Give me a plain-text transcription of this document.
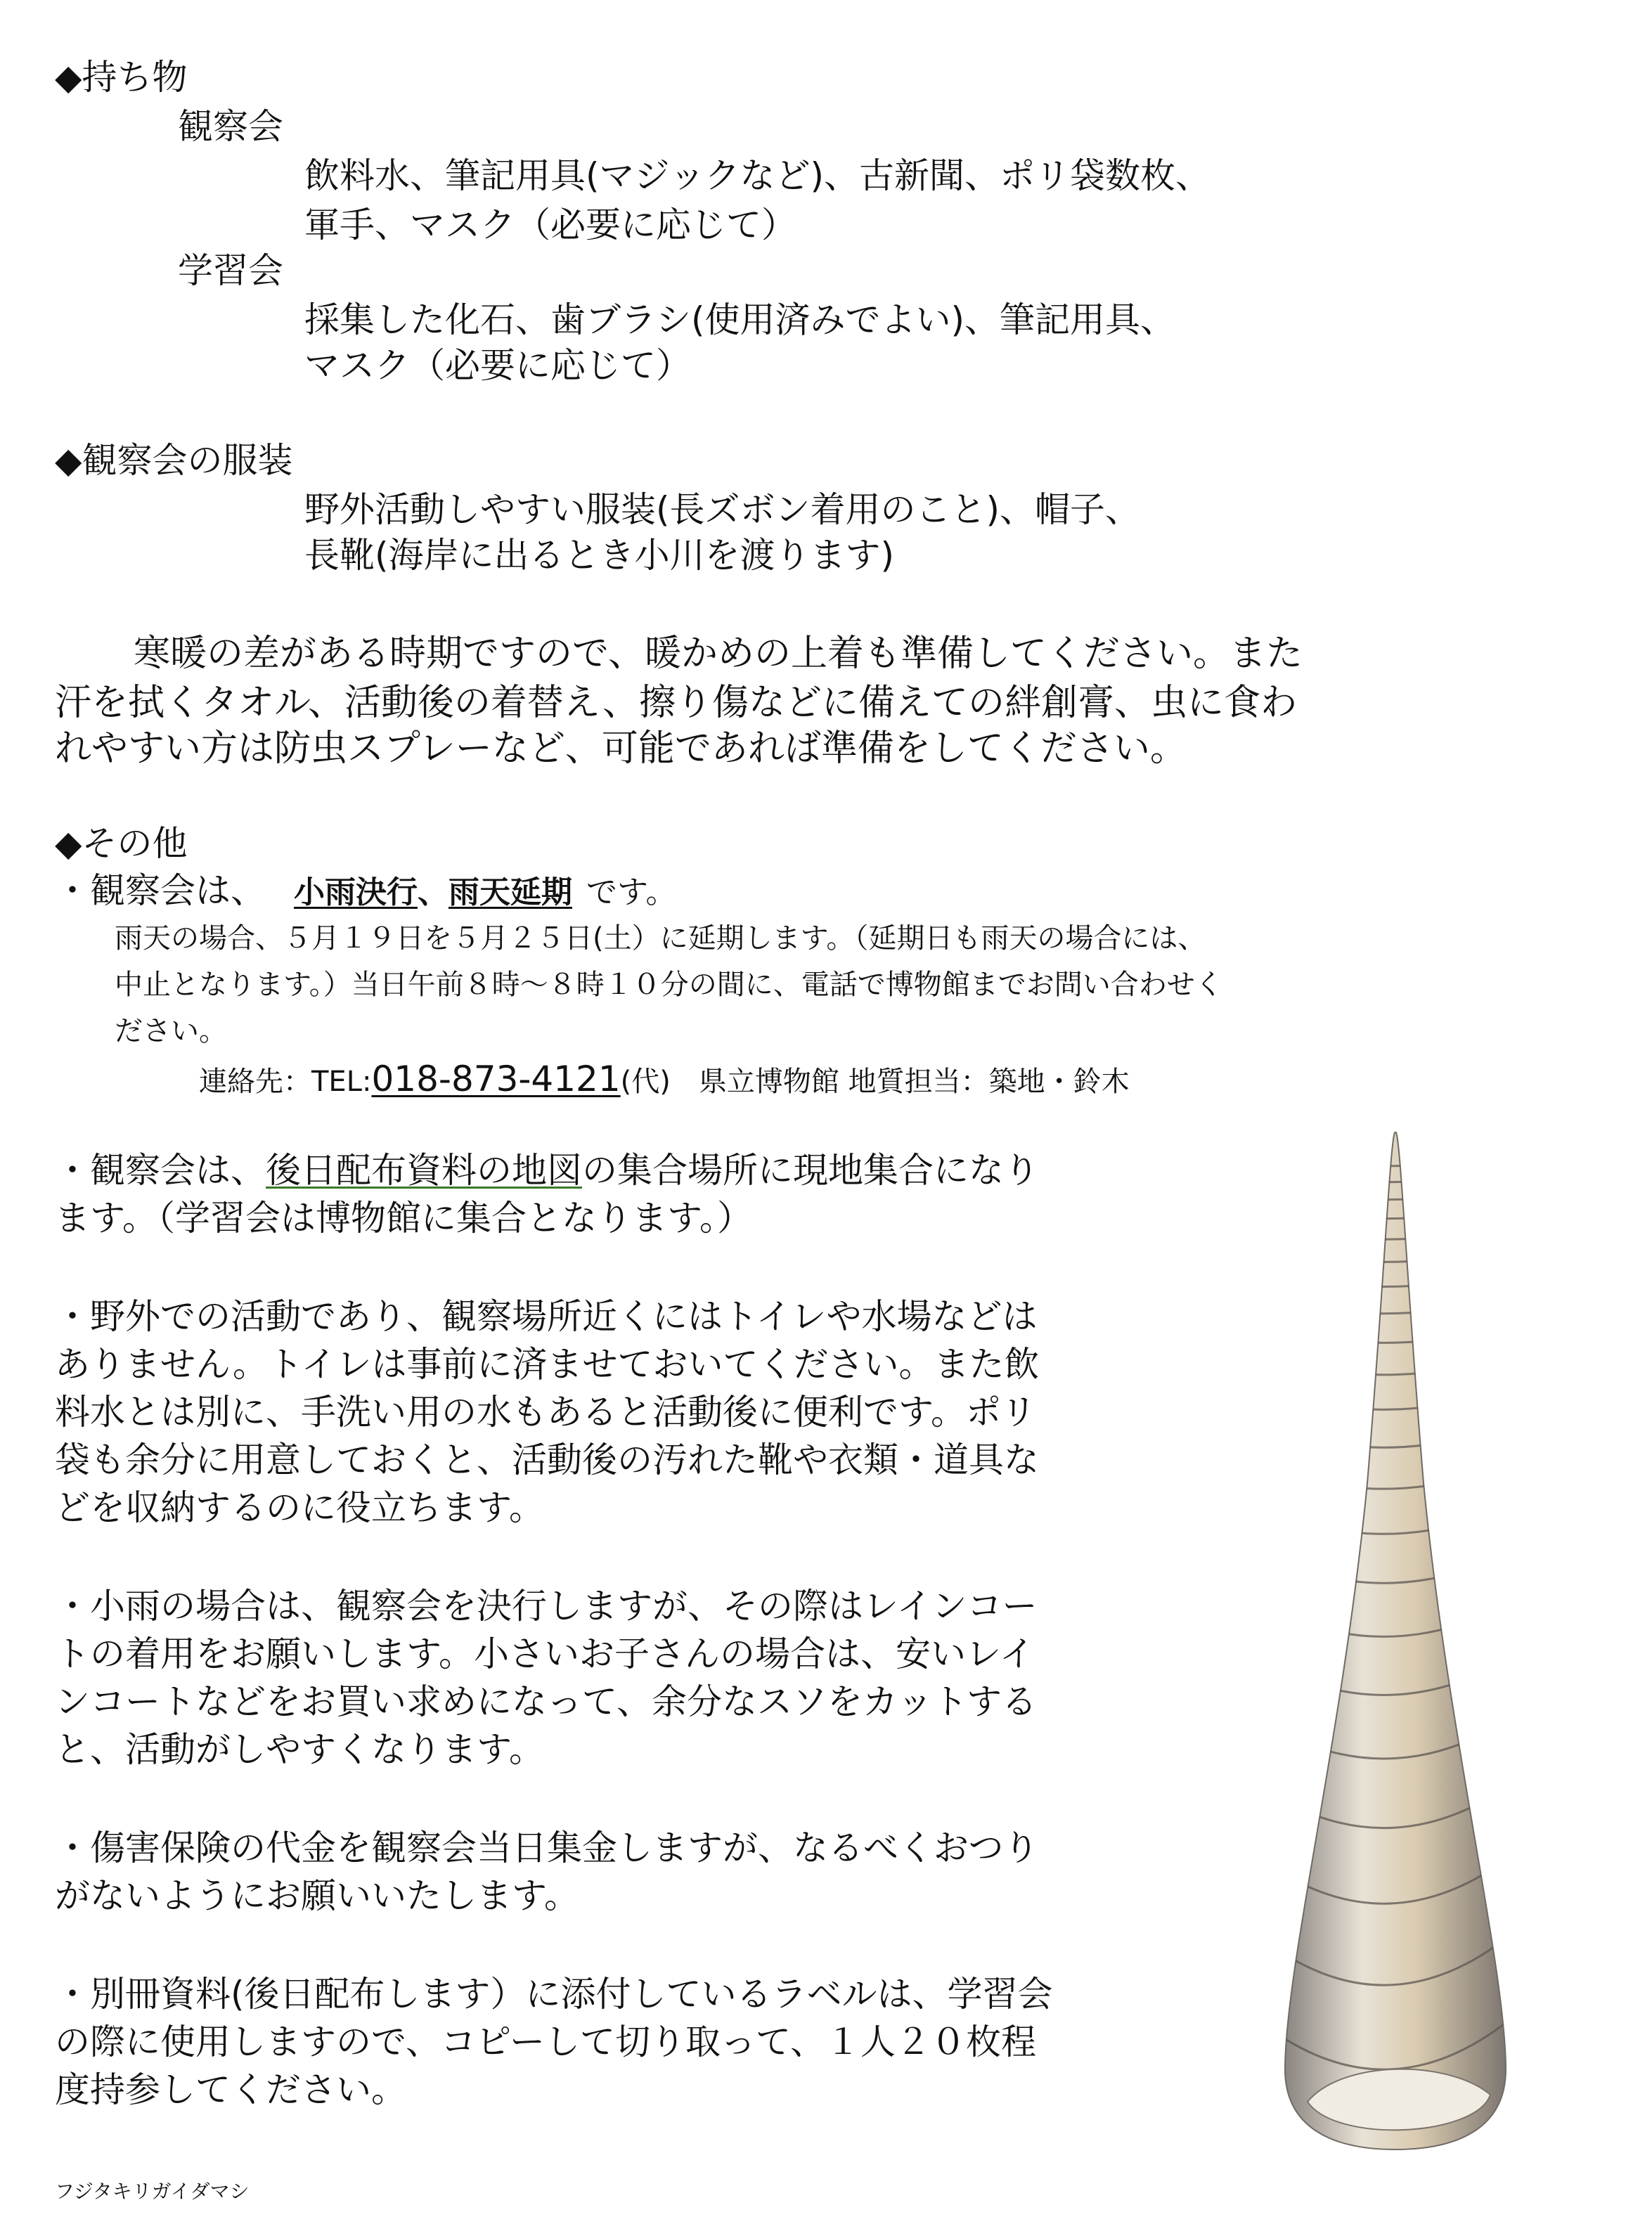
◆持ち物
観察会
飲料水、筆記用具(マジックなど)、古新聞、ポリ袋数枚、
軍手、マスク（必要に応じて）
学習会
採集した化石、歯ブラシ(使用済みでよい)、筆記用具、
マスク（必要に応じて）
◆観察会の服装
野外活動しやすい服装(長ズボン着用のこと)、帽子、
長靴(海岸に出るとき小川を渡ります)
寒暖の差がある時期ですので、暖かめの上着も準備してください。また
汗を拭くタオル、活動後の着替え、擦り傷などに備えての絆創膏、虫に食わ
れやすい方は防虫スプレーなど、可能であれば準備をしてください。
◆その他
・観察会は、 小雨決行、雨天延期 です。
雨天の場合、５月１９日を５月２５日(土）に延期します。（延期日も雨天の場合には、
中止となります。）当日午前８時～８時１０分の間に、電話で博物館までお問い合わせく
ださい。
連絡先：TEL:018-873-4121(代)　県立博物館 地質担当：築地・鈴木
・観察会は、後日配布資料の地図の集合場所に現地集合になり
ます。（学習会は博物館に集合となります。）
・野外での活動であり、観察場所近くにはトイレや水場などは
ありません。トイレは事前に済ませておいてください。また飲
料水とは別に、手洗い用の水もあると活動後に便利です。ポリ
袋も余分に用意しておくと、活動後の汚れた靴や衣類・道具な
どを収納するのに役立ちます。
・小雨の場合は、観察会を決行しますが、その際はレインコー
トの着用をお願いします。小さいお子さんの場合は、安いレイ
ンコートなどをお買い求めになって、余分なスソをカットする
と、活動がしやすくなります。
・傷害保険の代金を観察会当日集金しますが、なるべくおつり
がないようにお願いいたします。
・別冊資料(後日配布します）に添付しているラベルは、学習会
の際に使用しますので、コピーして切り取って、１人２０枚程
度持参してください。
フジタキリガイダマシ
